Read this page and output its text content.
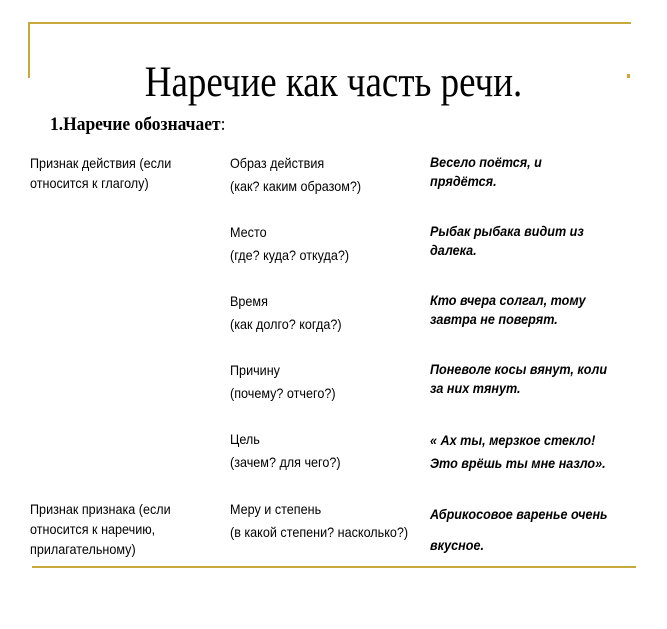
Наречие как часть речи.
1.Наречие обозначает:
Признак действия (если
относится к глаголу)
Образ действия
(как? каким образом?)
Весело поётся, и
прядётся.
Место
(где? куда? откуда?)
Рыбак рыбака видит из
далека.
Время
(как долго? когда?)
Кто вчера солгал, тому
завтра не поверят.
Причину
(почему? отчего?)
Поневоле косы вянут, коли
за них тянут.
Цель
(зачем? для чего?)
« Ах ты, мерзкое стекло!
Это врёшь ты мне назло».
Признак признака (если
относится к наречию,
прилагательному)
Меру и степень
(в какой степени? насколько?)
Абрикосовое варенье очень
вкусное.
